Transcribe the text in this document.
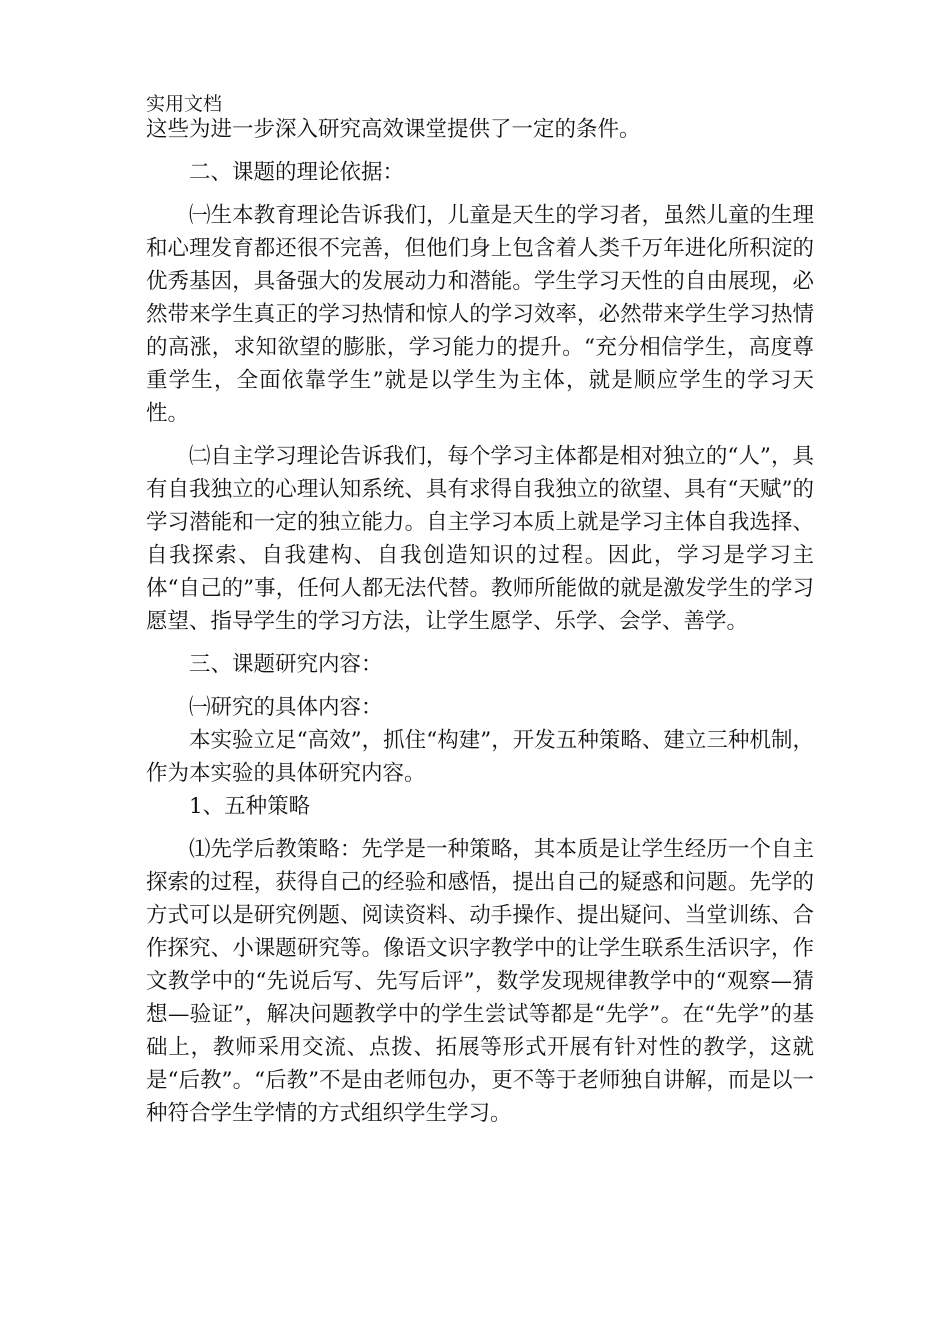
实用文档

这些为进一步深入研究高效课堂提供了一定的条件。

二、课题的理论依据：

㈠生本教育理论告诉我们，儿童是天生的学习者，虽然儿童的生理和心理发育都还很不完善，但他们身上包含着人类千万年进化所积淀的优秀基因，具备强大的发展动力和潜能。学生学习天性的自由展现，必然带来学生真正的学习热情和惊人的学习效率，必然带来学生学习热情的高涨，求知欲望的膨胀，学习能力的提升。“充分相信学生，高度尊重学生，全面依靠学生”就是以学生为主体，就是顺应学生的学习天性。

㈡自主学习理论告诉我们，每个学习主体都是相对独立的“人”，具有自我独立的心理认知系统、具有求得自我独立的欲望、具有“天赋”的学习潜能和一定的独立能力。自主学习本质上就是学习主体自我选择、自我探索、自我建构、自我创造知识的过程。因此，学习是学习主体“自己的”事，任何人都无法代替。教师所能做的就是激发学生的学习愿望、指导学生的学习方法，让学生愿学、乐学、会学、善学。

三、课题研究内容：

㈠研究的具体内容：

本实验立足“高效”，抓住“构建”，开发五种策略、建立三种机制，作为本实验的具体研究内容。

1、五种策略

⑴先学后教策略：先学是一种策略，其本质是让学生经历一个自主探索的过程，获得自己的经验和感悟，提出自己的疑惑和问题。先学的方式可以是研究例题、阅读资料、动手操作、提出疑问、当堂训练、合作探究、小课题研究等。像语文识字教学中的让学生联系生活识字，作文教学中的“先说后写、先写后评”，数学发现规律教学中的“观察—猜想—验证”，解决问题教学中的学生尝试等都是“先学”。在“先学”的基础上，教师采用交流、点拨、拓展等形式开展有针对性的教学，这就是“后教”。“后教”不是由老师包办，更不等于老师独自讲解，而是以一种符合学生学情的方式组织学生学习。
